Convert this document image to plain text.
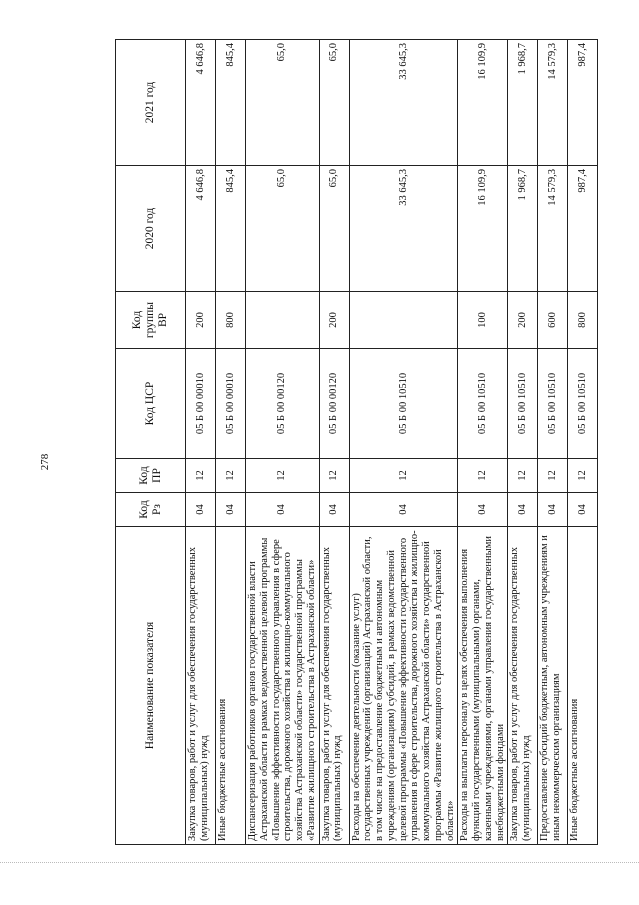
278
Наименование показателя	Код Рз	Код ПР	Код ЦСР	Код группы ВР	2020 год	2021 год
Закупка товаров, работ и услуг для обеспечения государственных (муниципальных) нужд	04	12	05 Б 00 00010	200	4 646,8	4 646,8
Иные бюджетные ассигнования	04	12	05 Б 00 00010	800	845,4	845,4
Диспансеризация работников органов государственной власти Астраханской области в рамках ведомственной целевой программы «Повышение эффективности государственного управления в сфере строительства, дорожного хозяйства и жилищно-коммунального хозяйства Астраханской области» государственной программы «Развитие жилищного строительства в Астраханской области»	04	12	05 Б 00 00120		65,0	65,0
Закупка товаров, работ и услуг для обеспечения государственных (муниципальных) нужд	04	12	05 Б 00 00120	200	65,0	65,0
Расходы на обеспечение деятельности (оказание услуг) государственных учреждений (организаций) Астраханской области, в том числе на предоставление бюджетным и автономным учреждениям (организациям) субсидий, в рамках ведомственной целевой программы «Повышение эффективности государственного управления в сфере строительства, дорожного хозяйства и жилищно-коммунального хозяйства Астраханской области» государственной программы «Развитие жилищного строительства в Астраханской области»	04	12	05 Б 00 10510		33 645,3	33 645,3
Расходы на выплаты персоналу в целях обеспечения выполнения функций государственными (муниципальными) органами, казенными учреждениями, органами управления государственными внебюджетными фондами	04	12	05 Б 00 10510	100	16 109,9	16 109,9
Закупка товаров, работ и услуг для обеспечения государственных (муниципальных) нужд	04	12	05 Б 00 10510	200	1 968,7	1 968,7
Предоставление субсидий бюджетным, автономным учреждениям и иным некоммерческим организациям	04	12	05 Б 00 10510	600	14 579,3	14 579,3
Иные бюджетные ассигнования	04	12	05 Б 00 10510	800	987,4	987,4
